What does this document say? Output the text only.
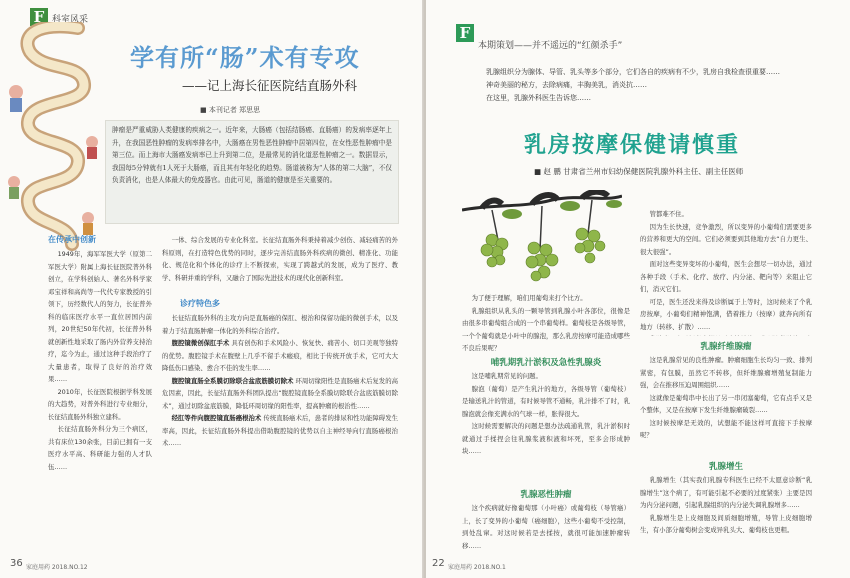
F 科室风采
学有所“肠”术有专攻
——记上海长征医院结直肠外科
■ 本刊记者 郑思思
肿瘤是严重威胁人类健康的疾病之一。近年来，大肠癌（包括结肠癌、直肠癌）的发病率逐年上升，在我国恶性肿瘤的发病率排名中，大肠癌在男性恶性肿瘤中居第四位，在女性恶性肿瘤中是第三位。而上海市大肠癌发病率已上升到第二位，是最常见的消化道恶性肿瘤之一。数据显示，我国每5分钟就有1人死于大肠癌，而且其有年轻化的趋势。肠道被称为“人体的第二大脑”，不仅负责消化，也是人体最大的免疫器官。由此可见，肠道的健康是至关重要的。
在传承中创新

1949年，海军军医大学（原第二军医大学）附属上海长征医院普外科创立，在学科创始人、著名外科学家邓宝祥和高尚等一代代专家教授的引领下，历经数代人的努力，长征普外科的临床医疗水平一直位居国内前列，20世纪50年代初，长征普外科就创新性地采取了肠内外营养支持治疗，迄今为止，通过这种手段治疗了大量患者，取得了良好的治疗效果……

2010年，长征医院根据学科发展的大趋势，对普外科进行专业细分，长征结直肠外科独立建科。

长征结直肠外科分为三个病区，共有床位130余张，目前已拥有一支医疗水平高、科研能力强的人才队伍……

一体、综合发展的专业化科室。长征结直肠外科秉持着减少创伤、减轻痛苦的外科原则，在打造特色优势的同时，逐步完善结直肠外科疾病的微创、精准化、功能化、规范化和个体化的诊疗上不断探索，实现了跨越式的发展，成为了医疗、教学、科研并重的学科，又融合了国际先进技术的现代化创新科室。

诊疗特色多

长征结直肠外科的主攻方向是直肠癌的保肛、根治和保留功能的微创手术，以及着力于结直肠肿瘤一体化的外科综合治疗。

腹腔镜微创保肛手术 具有创伤和手术风险小、恢复快、痛苦小、切口美观等独特的优势。腹腔镜手术在腹壁上几乎不留手术瘢痕，相比于传统开放手术，它可大大降低伤口感染、愈合不佳的发生率……

腹腔镜直肠全系膜切除联合盆底筋膜切除术 环周切缘阳性是直肠癌术后复发的高危因素，因此，长征结直肠外科团队提出“腹腔镜直肠全系膜切除联合盆底筋膜切除术”，通过切除盆底筋膜，降低环周切缘的阳性率，提高肿瘤的根治性……

经肛等件向腹腔镜直肠癌根治术 传统直肠癌术后，患者的排尿和性功能障碍发生率高，因此，长征结直肠外科提出借助腹腔镜的优势以自主神经导向行直肠癌根治术……

36 家庭用药 2018.NO.12
F
本期策划——并不遥远的“红颜杀手”
乳腺组织分为腺体、导管、乳头等多个部分，它们各自的疾病有不少，乳房自我检查很重要……
神奇美丽的秘方，去除病痛，丰胸美乳，消炎抗……
在这里，乳腺外科医生告诉您……
乳房按摩保健请慎重
■ 赵 鹏 甘肃省兰州市妇幼保健医院乳腺外科主任、副主任医师

为了便于理解，咱们用葡萄来打个比方。

乳腺组织从乳头的一颗导管到乳腺小叶各部位，很像是由很多串葡萄组合成的一个串葡萄样。葡萄枝是各级导管，一个个葡萄就是小叶中的腺泡，那么乳房按摩可能造成哪些不良后果呢？

哺乳期乳汁淤积及急性乳腺炎

这是哺乳期常见的问题。

腺泡（葡萄）是产生乳汁的地方，各级导管（葡萄枝）是输送乳汁的管道，有时候导管不通畅，乳汁排不了时，乳腺泡就会像充满水的气球一样，胀得很大。

这时候需要解决的问题是想办法疏通乳管，乳汁淤积时就通过手揉捏会往乳腺浆液积液和坏死，至多会形成肿块……

乳腺恶性肿瘤

这个疾病就好像葡萄那（小叶癌）或葡萄枝（导管癌）上，长了变异的小葡萄（癌细胞），这些小葡萄不受控制，到处乱窜。对这时候若是去揉按，就很可能加速肿瘤转移……

管都难不住。

因为生长快速，竞争激烈，所以变异的小葡萄们需要更多的营养和更大的空间。它们必须要到其他地方去“自力更生、很大很强”。

面对这些变异变坏的小葡萄，医生会想尽一切办法，通过各种手段（手术、化疗、放疗、内分泌、靶向等）来阻止它们，消灭它们。

可是，医生还没来得及诊断属于上等时，这时候来了个乳房按摩，小葡萄们精神饱满，借着推力（按摩）就奔向所有地方（转移、扩散）……

乳腺纤维腺瘤

这是乳腺常见的良性肿瘤。肿瘤细胞生长均匀一致、排列紧密，有包膜，虽然它不转移，但纤维腺瘤增殖复制能力强，会在推移压迫周围组织……

这就像是葡萄串中长出了另一串闭塞葡萄，它有点乎又是个整体，又是在按摩下发生纤维腺瘤破裂……

这时候按摩是无效的，试想能不能这样可直接下手按摩呢？

乳腺增生

乳腺增生（其实我们乳腺专科医生已经不太愿意诊断“乳腺增生”这个病了，有可能引起不必要的过度紧张）主要是因为内分泌问题，引起乳腺组织的内分泌失调乳腺增多……

乳腺增生是上皮细胞及间质细胞增殖，导管上皮细胞增生，有小部分葡萄树会变成异乳头大、葡萄枝也更粗。

22 家庭用药 2018.NO.1
